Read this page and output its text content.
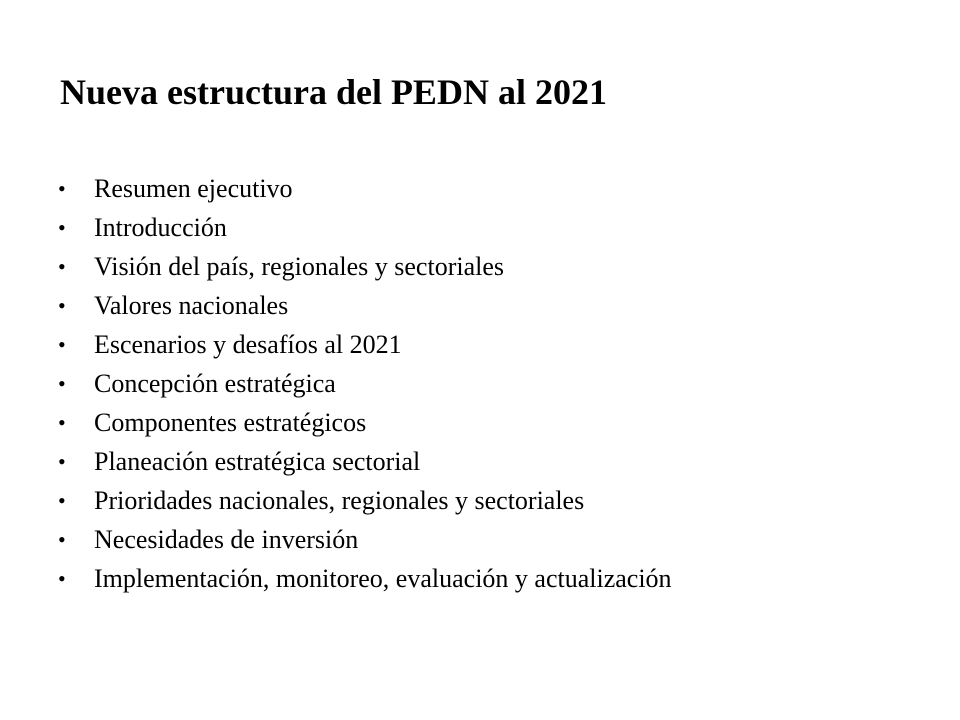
Nueva estructura del PEDN al 2021
•	Resumen ejecutivo
•	Introducción
•	Visión del país, regionales y sectoriales
•	Valores nacionales
•	Escenarios y desafíos al 2021
•	Concepción estratégica
•	Componentes estratégicos
•	Planeación estratégica sectorial
•	Prioridades nacionales, regionales y sectoriales
•	Necesidades de inversión
•	Implementación, monitoreo, evaluación y actualización
